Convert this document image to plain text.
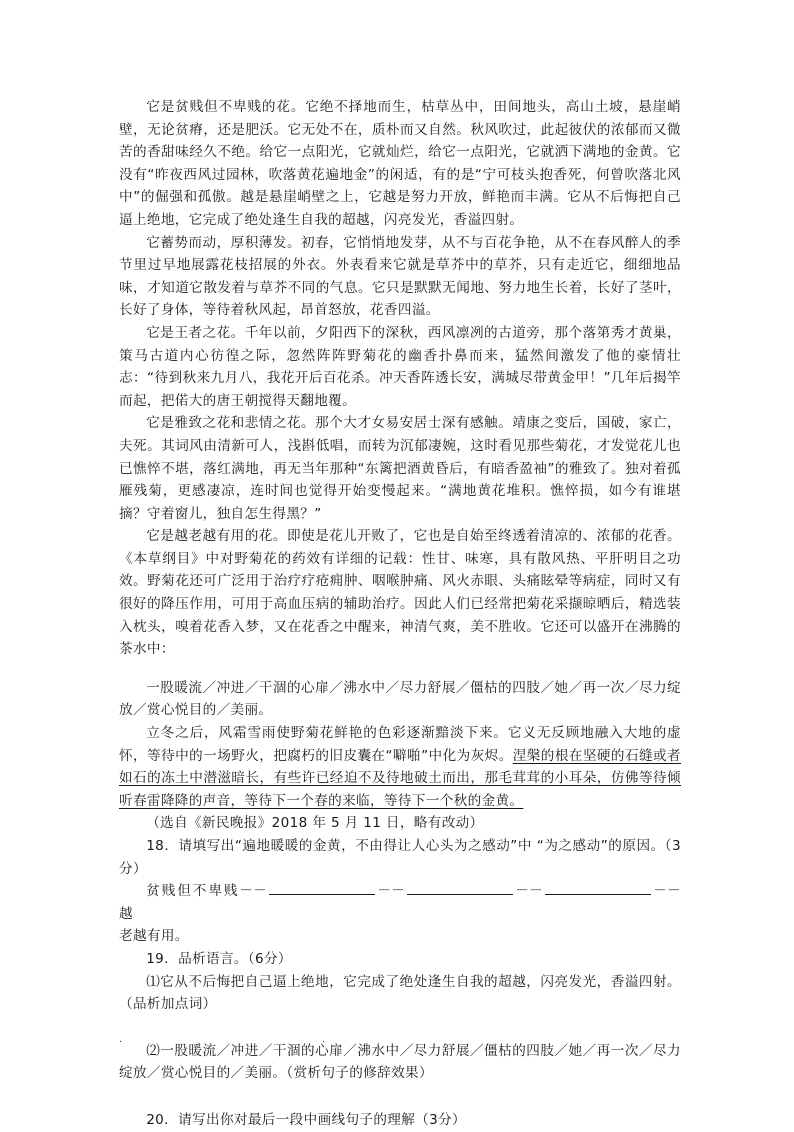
它是贫贱但不卑贱的花。它绝不择地而生，枯草丛中，田间地头，高山土坡，悬崖峭壁，无论贫瘠，还是肥沃。它无处不在，质朴而又自然。秋风吹过，此起彼伏的浓郁而又微苦的香甜味经久不绝。给它一点阳光，它就灿烂，给它一点阳光，它就洒下满地的金黄。它没有“昨夜西风过园林，吹落黄花遍地金”的闲适，有的是“宁可枝头抱香死，何曾吹落北风中”的倔强和孤傲。越是悬崖峭壁之上，它越是努力开放，鲜艳而丰满。它从不后悔把自己逼上绝地，它完成了绝处逢生自我的超越，闪亮发光，香溢四射。

它蓄势而动，厚积薄发。初春，它悄悄地发芽，从不与百花争艳，从不在春风醉人的季节里过早地展露花枝招展的外衣。外表看来它就是草芥中的草芥，只有走近它，细细地品味，才知道它散发着与草芥不同的气息。它只是默默无闻地、努力地生长着，长好了茎叶，长好了身体，等待着秋风起，昂首怒放，花香四溢。

它是王者之花。千年以前，夕阳西下的深秋，西风凛冽的古道旁，那个落第秀才黄巢，策马古道内心彷徨之际，忽然阵阵野菊花的幽香扑鼻而来，猛然间激发了他的豪情壮志：“待到秋来九月八，我花开后百花杀。冲天香阵透长安，满城尽带黄金甲！”几年后揭竿而起，把偌大的唐王朝搅得天翻地覆。

它是雅致之花和悲情之花。那个大才女易安居士深有感触。靖康之变后，国破，家亡，夫死。其词风由清新可人，浅斟低唱，而转为沉郁凄婉，这时看见那些菊花，才发觉花儿也已憔悴不堪，落红满地，再无当年那种“东篱把酒黄昏后，有暗香盈袖”的雅致了。独对着孤雁残菊，更感凄凉，连时间也觉得开始变慢起来。“满地黄花堆积。憔悴损，如今有谁堪摘？守着窗儿，独自怎生得黑？”

它是越老越有用的花。即使是花儿开败了，它也是自始至终透着清凉的、浓郁的花香。《本草纲目》中对野菊花的药效有详细的记载：性甘、味寒，具有散风热、平肝明目之功效。野菊花还可广泛用于治疗疗疮痈肿、咽喉肿痛、风火赤眼、头痛眩晕等病症，同时又有很好的降压作用，可用于高血压病的辅助治疗。因此人们已经常把菊花采撷晾晒后，精选装入枕头，嗅着花香入梦，又在花香之中醒来，神清气爽，美不胜收。它还可以盛开在沸腾的茶水中：

一股暖流／冲进／干涸的心扉／沸水中／尽力舒展／僵枯的四肢／她／再一次／尽力绽放／赏心悦目的／美丽。

立冬之后，风霜雪雨使野菊花鲜艳的色彩逐渐黯淡下来。它义无反顾地融入大地的虚怀，等待中的一场野火，把腐朽的旧皮囊在“噼啪”中化为灰烬。涅槃的根在坚硬的石缝或者如石的冻土中潜滋暗长，有些许已经迫不及待地破土而出，那毛茸茸的小耳朵，仿佛等待倾听春雷降降的声音，等待下一个春的来临，等待下一个秋的金黄。

（选自《新民晚报》2018 年 5 月 11 日，略有改动）

18．请填写出“遍地暖暖的金黄，不由得让人心头为之感动”中 “为之感动”的原因。（3分）

贫贱但不卑贱－－	－－	－－	－－越

老越有用。

19．品析语言。（6分）

⑴它从不后悔把自己逼上绝地，它完成了绝处逢生自我的超越，闪亮发光，香溢四射。（品析加点词）

⑵一股暖流／冲进／干涸的心扉／沸水中／尽力舒展／僵枯的四肢／她／再一次／尽力绽放／赏心悦目的／美丽。（赏析句子的修辞效果）

20．请写出你对最后一段中画线句子的理解（3分）

.	.
